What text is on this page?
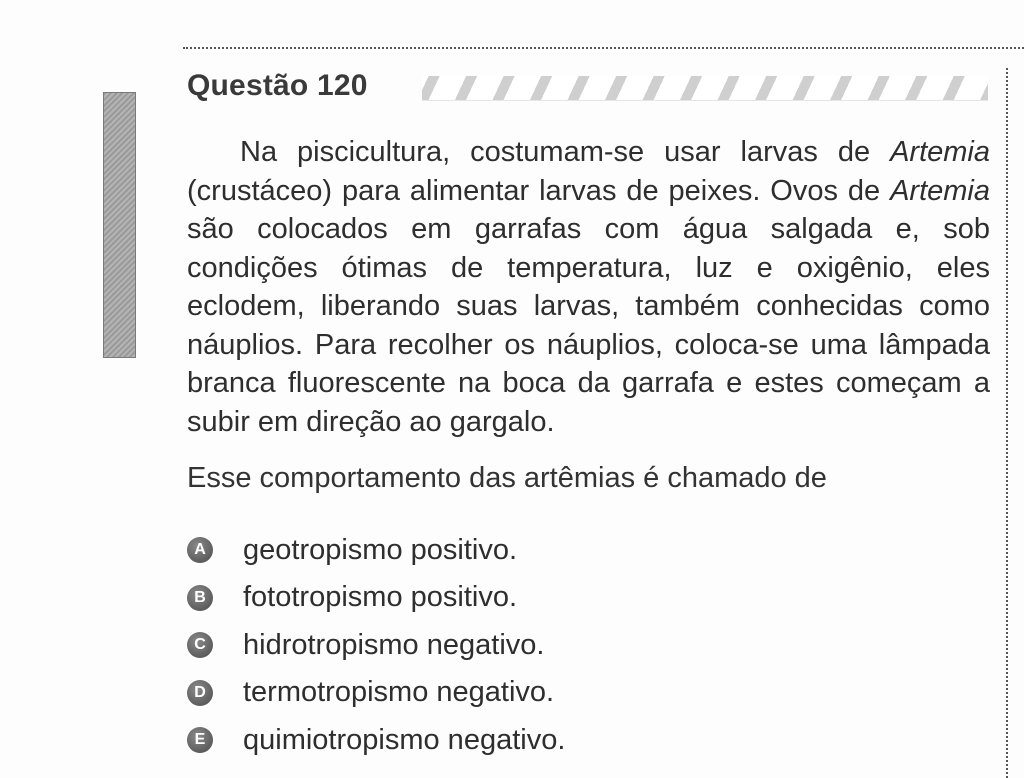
Questão 120

Na piscicultura, costumam-se usar larvas de Artemia (crustáceo) para alimentar larvas de peixes. Ovos de Artemia são colocados em garrafas com água salgada e, sob condições ótimas de temperatura, luz e oxigênio, eles eclodem, liberando suas larvas, também conhecidas como náuplios. Para recolher os náuplios, coloca-se uma lâmpada branca fluorescente na boca da garrafa e estes começam a subir em direção ao gargalo.

Esse comportamento das artêmias é chamado de
A geotropismo positivo.
B fototropismo positivo.
C hidrotropismo negativo.
D termotropismo negativo.
E quimiotropismo negativo.
